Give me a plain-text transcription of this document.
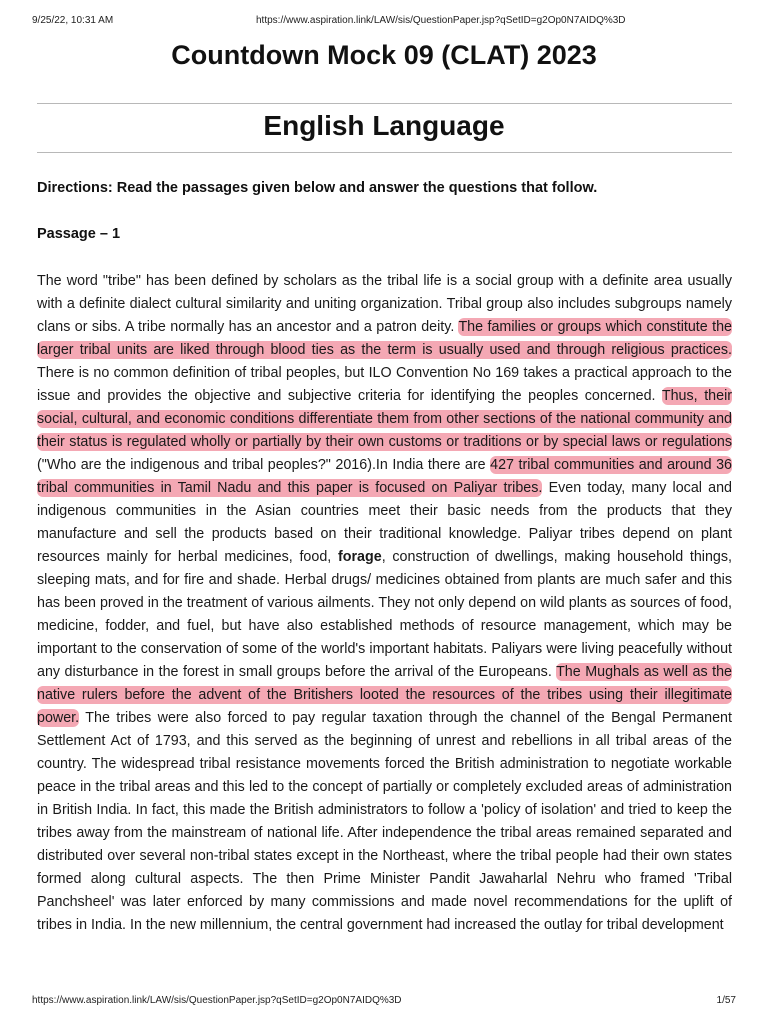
9/25/22, 10:31 AM	https://www.aspiration.link/LAW/sis/QuestionPaper.jsp?qSetID=g2Op0N7AIDQ%3D
Countdown Mock 09 (CLAT) 2023
English Language

Directions: Read the passages given below and answer the questions that follow.

Passage – 1

The word "tribe" has been defined by scholars as the tribal life is a social group with a definite area usually with a definite dialect cultural similarity and uniting organization. Tribal group also includes subgroups namely clans or sibs. A tribe normally has an ancestor and a patron deity. The families or groups which constitute the larger tribal units are liked through blood ties as the term is usually used and through religious practices. There is no common definition of tribal peoples, but ILO Convention No 169 takes a practical approach to the issue and provides the objective and subjective criteria for identifying the peoples concerned. Thus, their social, cultural, and economic conditions differentiate them from other sections of the national community and their status is regulated wholly or partially by their own customs or traditions or by special laws or regulations ("Who are the indigenous and tribal peoples?" 2016).In India there are 427 tribal communities and around 36 tribal communities in Tamil Nadu and this paper is focused on Paliyar tribes. Even today, many local and indigenous communities in the Asian countries meet their basic needs from the products that they manufacture and sell the products based on their traditional knowledge. Paliyar tribes depend on plant resources mainly for herbal medicines, food, forage, construction of dwellings, making household things, sleeping mats, and for fire and shade. Herbal drugs/ medicines obtained from plants are much safer and this has been proved in the treatment of various ailments. They not only depend on wild plants as sources of food, medicine, fodder, and fuel, but have also established methods of resource management, which may be important to the conservation of some of the world's important habitats. Paliyars were living peacefully without any disturbance in the forest in small groups before the arrival of the Europeans. The Mughals as well as the native rulers before the advent of the Britishers looted the resources of the tribes using their illegitimate power. The tribes were also forced to pay regular taxation through the channel of the Bengal Permanent Settlement Act of 1793, and this served as the beginning of unrest and rebellions in all tribal areas of the country. The widespread tribal resistance movements forced the British administration to negotiate workable peace in the tribal areas and this led to the concept of partially or completely excluded areas of administration in British India. In fact, this made the British administrators to follow a 'policy of isolation' and tried to keep the tribes away from the mainstream of national life. After independence the tribal areas remained separated and distributed over several non-tribal states except in the Northeast, where the tribal people had their own states formed along cultural aspects. The then Prime Minister Pandit Jawaharlal Nehru who framed 'Tribal Panchsheel' was later enforced by many commissions and made novel recommendations for the uplift of tribes in India. In the new millennium, the central government had increased the outlay for tribal development

https://www.aspiration.link/LAW/sis/QuestionPaper.jsp?qSetID=g2Op0N7AIDQ%3D	1/57
